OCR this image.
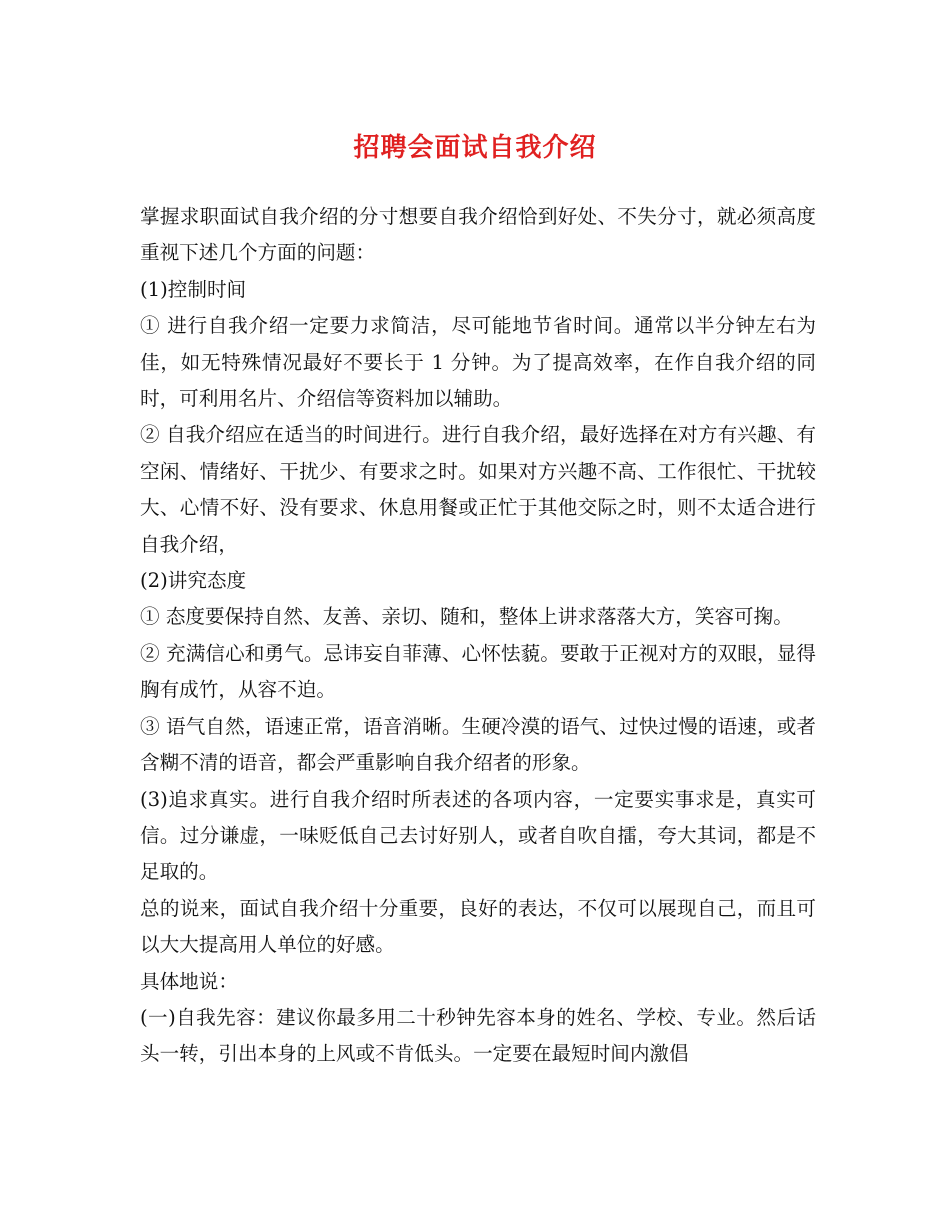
招聘会面试自我介绍

掌握求职面试自我介绍的分寸想要自我介绍恰到好处、不失分寸，就必须高度重视下述几个方面的问题：

(1)控制时间

① 进行自我介绍一定要力求简洁，尽可能地节省时间。通常以半分钟左右为佳，如无特殊情况最好不要长于 1 分钟。为了提高效率，在作自我介绍的同时，可利用名片、介绍信等资料加以辅助。

② 自我介绍应在适当的时间进行。进行自我介绍，最好选择在对方有兴趣、有空闲、情绪好、干扰少、有要求之时。如果对方兴趣不高、工作很忙、干扰较大、心情不好、没有要求、休息用餐或正忙于其他交际之时，则不太适合进行自我介绍，

(2)讲究态度

① 态度要保持自然、友善、亲切、随和，整体上讲求落落大方，笑容可掬。

② 充满信心和勇气。忌讳妄自菲薄、心怀怯藐。要敢于正视对方的双眼，显得胸有成竹，从容不迫。

③ 语气自然，语速正常，语音消晰。生硬冷漠的语气、过快过慢的语速，或者含糊不清的语音，都会严重影响自我介绍者的形象。

(3)追求真实。进行自我介绍时所表述的各项内容，一定要实事求是，真实可信。过分谦虚，一味贬低自己去讨好别人，或者自吹自擂，夸大其词，都是不足取的。

总的说来，面试自我介绍十分重要，良好的表达，不仅可以展现自己，而且可以大大提高用人单位的好感。

具体地说：

(一)自我先容：建议你最多用二十秒钟先容本身的姓名、学校、专业。然后话头一转，引出本身的上风或不肯低头。一定要在最短时间内激倡
